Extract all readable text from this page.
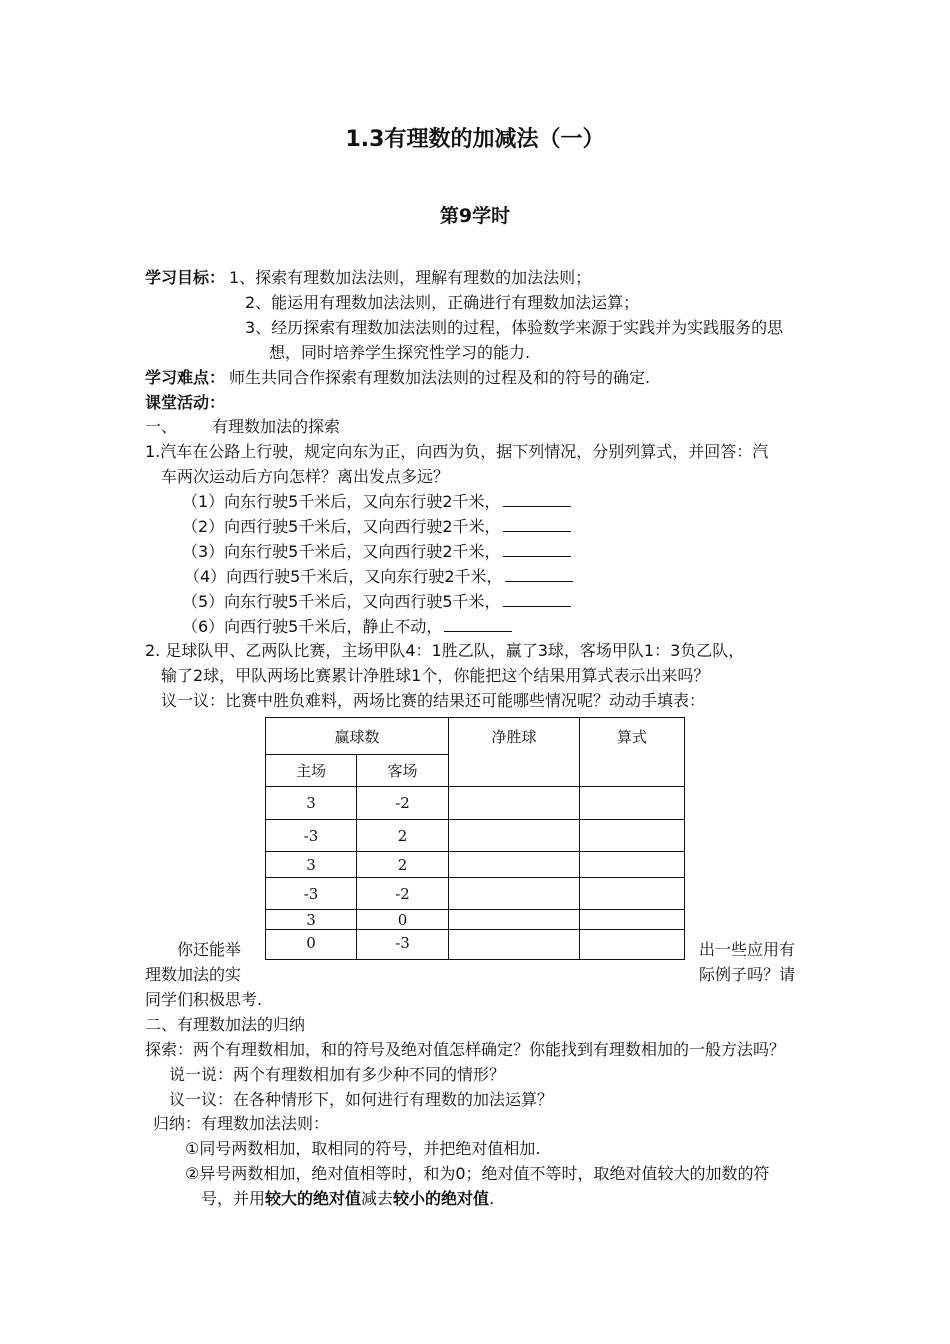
1.3有理数的加减法（一）
第9学时
学习目标： 1、探索有理数加法法则，理解有理数的加法法则；
2、能运用有理数加法法则，正确进行有理数加法运算；
3、经历探索有理数加法法则的过程，体验数学来源于实践并为实践服务的思
想，同时培养学生探究性学习的能力.
学习难点： 师生共同合作探索有理数加法法则的过程及和的符号的确定.
课堂活动：
一、 有理数加法的探索
1.汽车在公路上行驶，规定向东为正，向西为负，据下列情况，分别列算式，并回答：汽
车两次运动后方向怎样？离出发点多远？
（1）向东行驶5千米后，又向东行驶2千米，
（2）向西行驶5千米后，又向西行驶2千米，
（3）向东行驶5千米后，又向西行驶2千米，
（4）向西行驶5千米后，又向东行驶2千米，
（5）向东行驶5千米后，又向西行驶5千米，
（6）向西行驶5千米后，静止不动，
2. 足球队甲、乙两队比赛，主场甲队4：1胜乙队，赢了3球，客场甲队1：3负乙队，
输了2球，甲队两场比赛累计净胜球1个，你能把这个结果用算式表示出来吗？
议一议：比赛中胜负难料，两场比赛的结果还可能哪些情况呢？动动手填表：
赢球数		净胜球	算式
主场	客场		
3	-2		
-3	2		
3	2		
-3	-2		
3	0		
0	-3		
你还能举
理数加法的实
出一些应用有
际例子吗？请
同学们积极思考.
二、有理数加法的归纳
探索：两个有理数相加，和的符号及绝对值怎样确定？你能找到有理数相加的一般方法吗？
说一说：两个有理数相加有多少种不同的情形？
议一议：在各种情形下，如何进行有理数的加法运算？
归纳：有理数加法法则：
①同号两数相加，取相同的符号，并把绝对值相加.
②异号两数相加，绝对值相等时，和为0；绝对值不等时，取绝对值较大的加数的符
号，并用较大的绝对值减去较小的绝对值.
